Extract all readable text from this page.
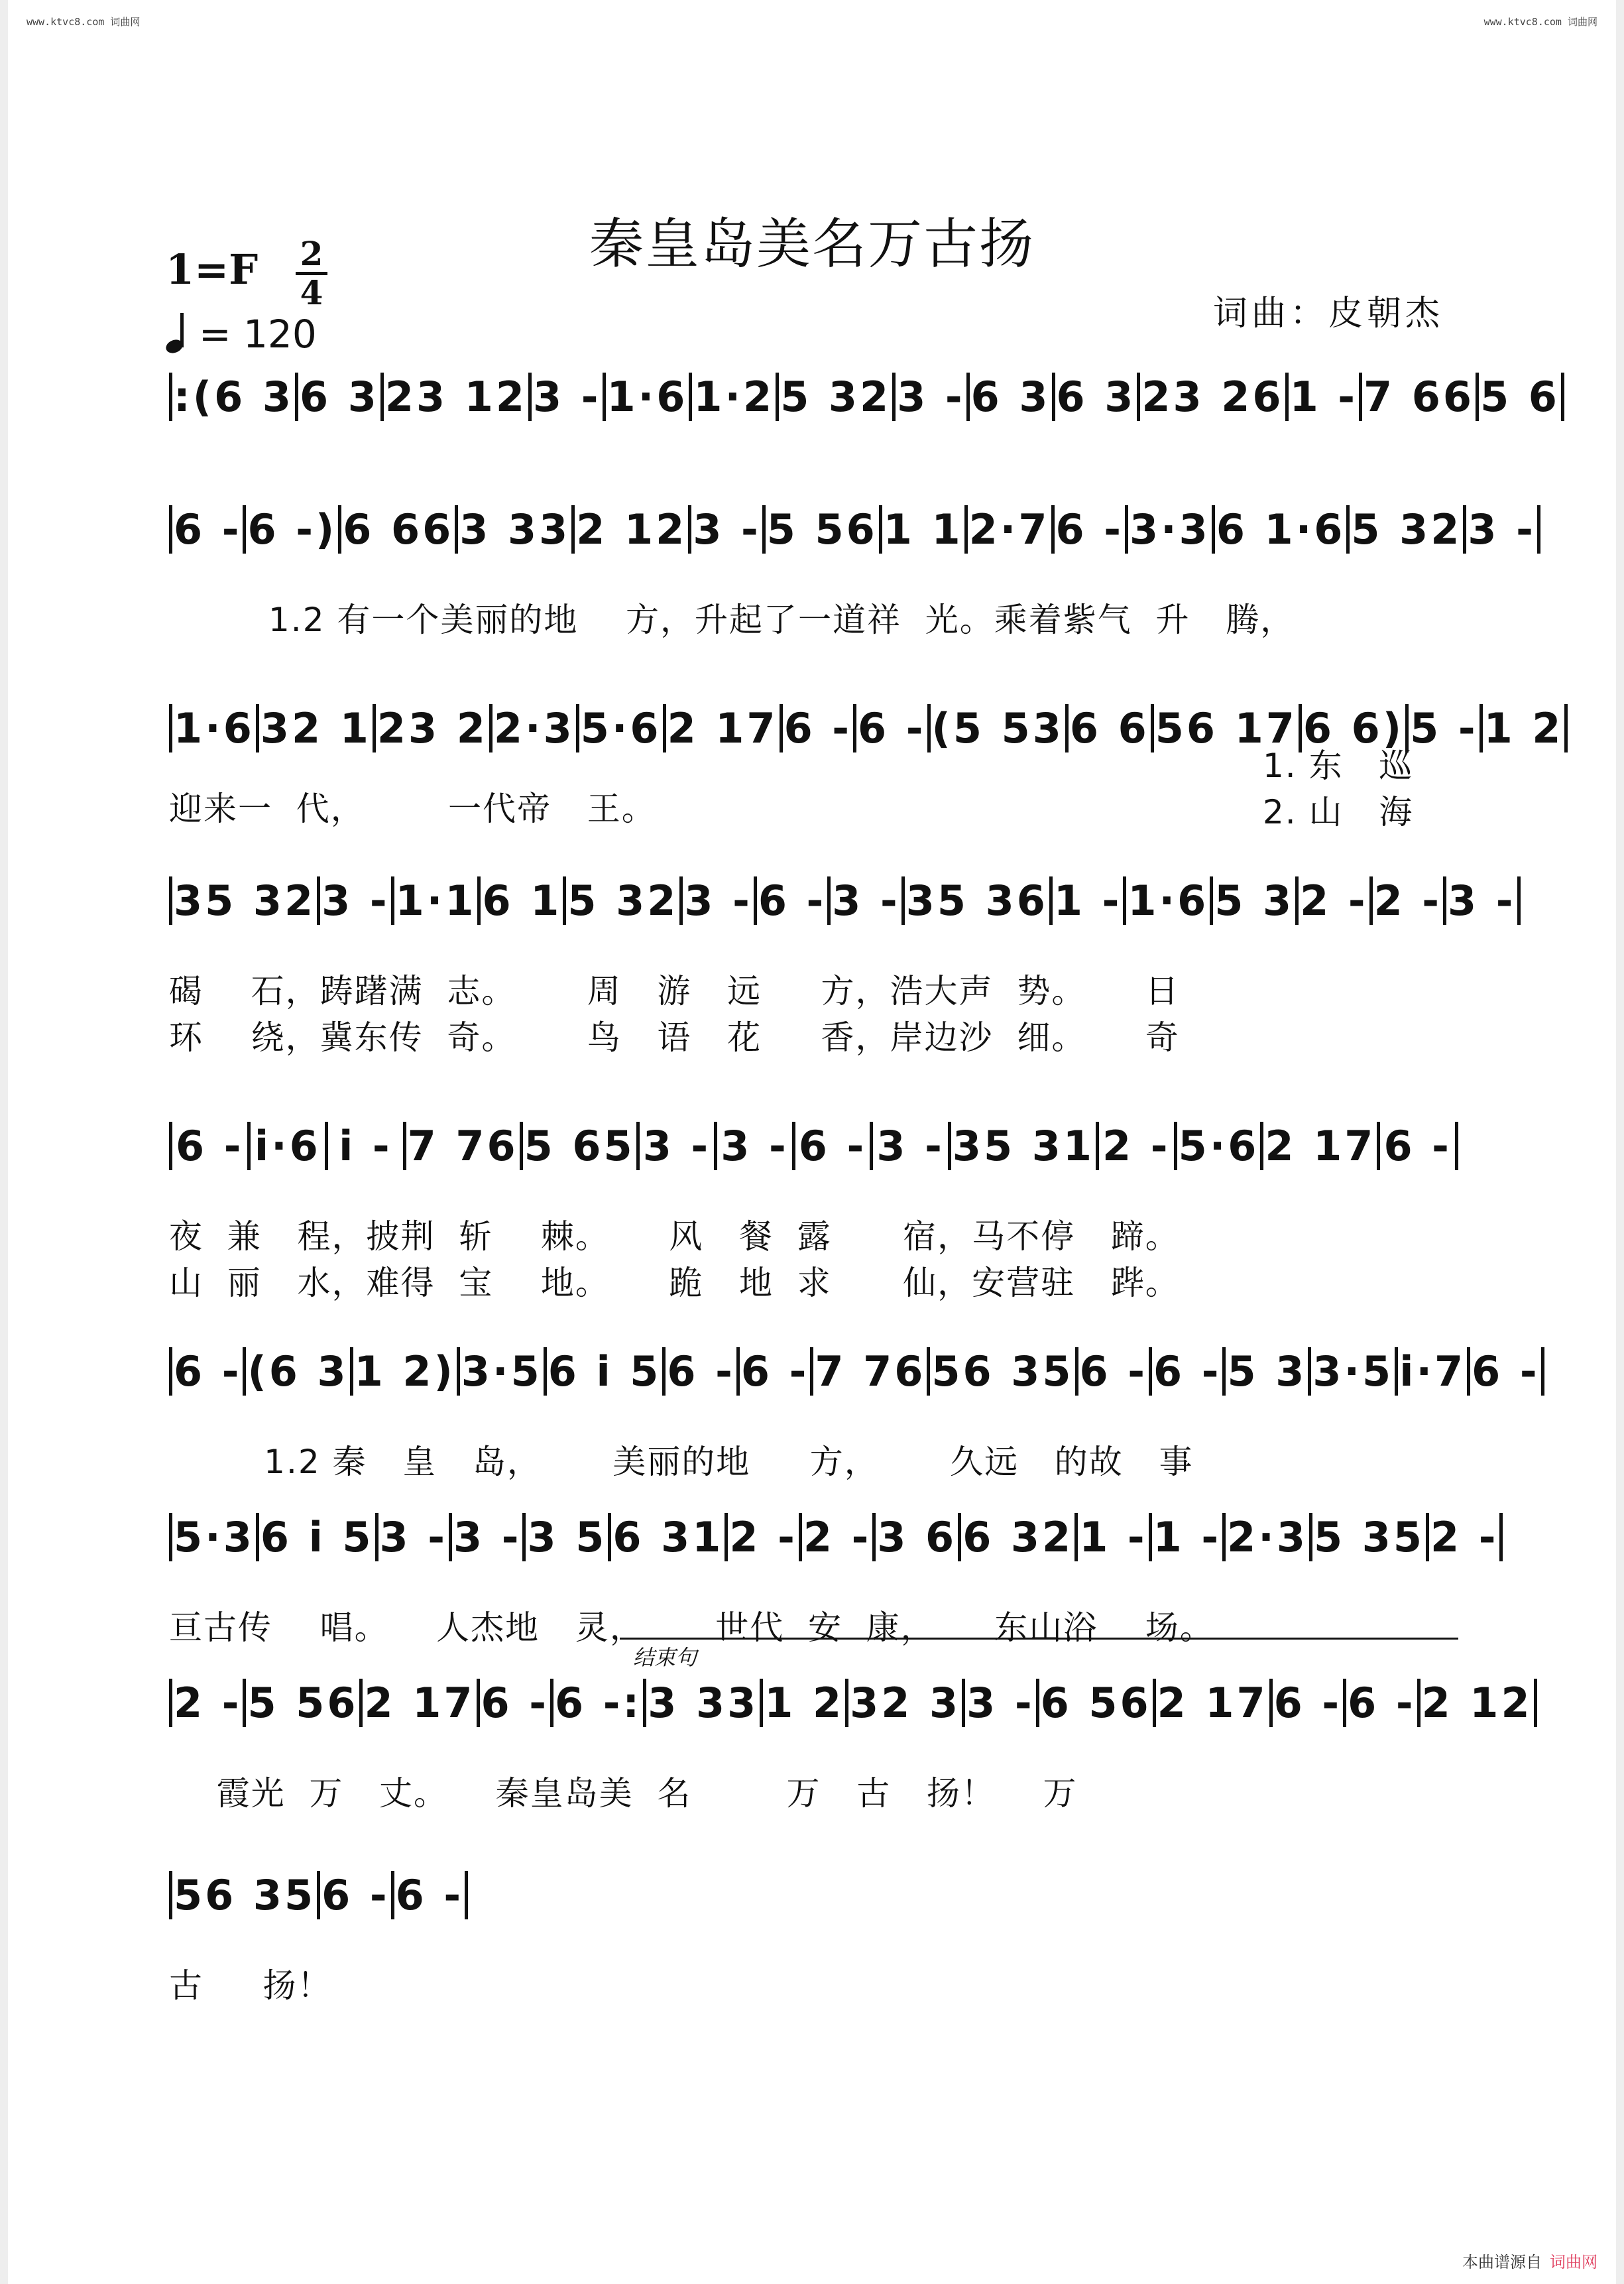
www.ktvc8.com 词曲网	www.ktvc8.com 词曲网
秦皇岛美名万古扬
1=F 2
4
= 120	词曲：皮朝杰
:(6 3 6 3 23 12 3 - 1·6 1·2 5 32 3 - 6 3 6 3 23 26 1 - 7 66 5 6
6 - 6 -) 6 66 3 33 2 12 3 - 5 56 1 1 2·7 6 - 3·3 6 1·6 5 32 3 -
1.2 有一个美丽的地    方，升起了一道祥  光。乘着紫气  升   腾，
1·6 32 1 23 2 2·3 5·6 2 17 6 - 6 - (5 53 6 6 56 17 6 6) 5 - 1 2
迎来一  代，       一代帝   王。
1. 东   巡
2. 山   海
35 32 3 - 1·1 6 1 5 32 3 - 6 - 3 - 35 36 1 - 1·6 5 3 2 - 2 - 3 -
碣    石，踌躇满  志。      周   游   远     方，浩大声  势。     日
环    绕，冀东传  奇。      鸟   语   花     香，岸边沙  细。     奇
6 - i·6 i - 7 76 5 65 3 - 3 - 6 - 3 - 35 31 2 - 5·6 2 17 6 -
夜  兼   程，披荆  斩    棘。     风   餐  露      宿，马不停   蹄。
山  丽   水，难得  宝    地。     跪   地  求      仙，安营驻   跸。
6 - (6 3 1 2) 3·5 6 i 5 6 - 6 - 7 76 56 35 6 - 6 - 5 3 3·5 i·7 6 -
1.2 秦   皇   岛，      美丽的地     方，      久远   的故   事
5·3 6 i 5 3 - 3 - 3 5 6 31 2 - 2 - 3 6 6 32 1 - 1 - 2·3 5 35 2 -
亘古传    唱。    人杰地   灵，      世代  安  康，     东山浴    场。
2 - 5 56 2 17 6 - 6 -: 3 33 1 2 32 3 3 - 6 56 2 17 6 - 6 - 2 12
结束句
霞光  万   丈。    秦皇岛美  名        万   古   扬！    万
56 35 6 - 6 -
古     扬！
本曲谱源自 词曲网
